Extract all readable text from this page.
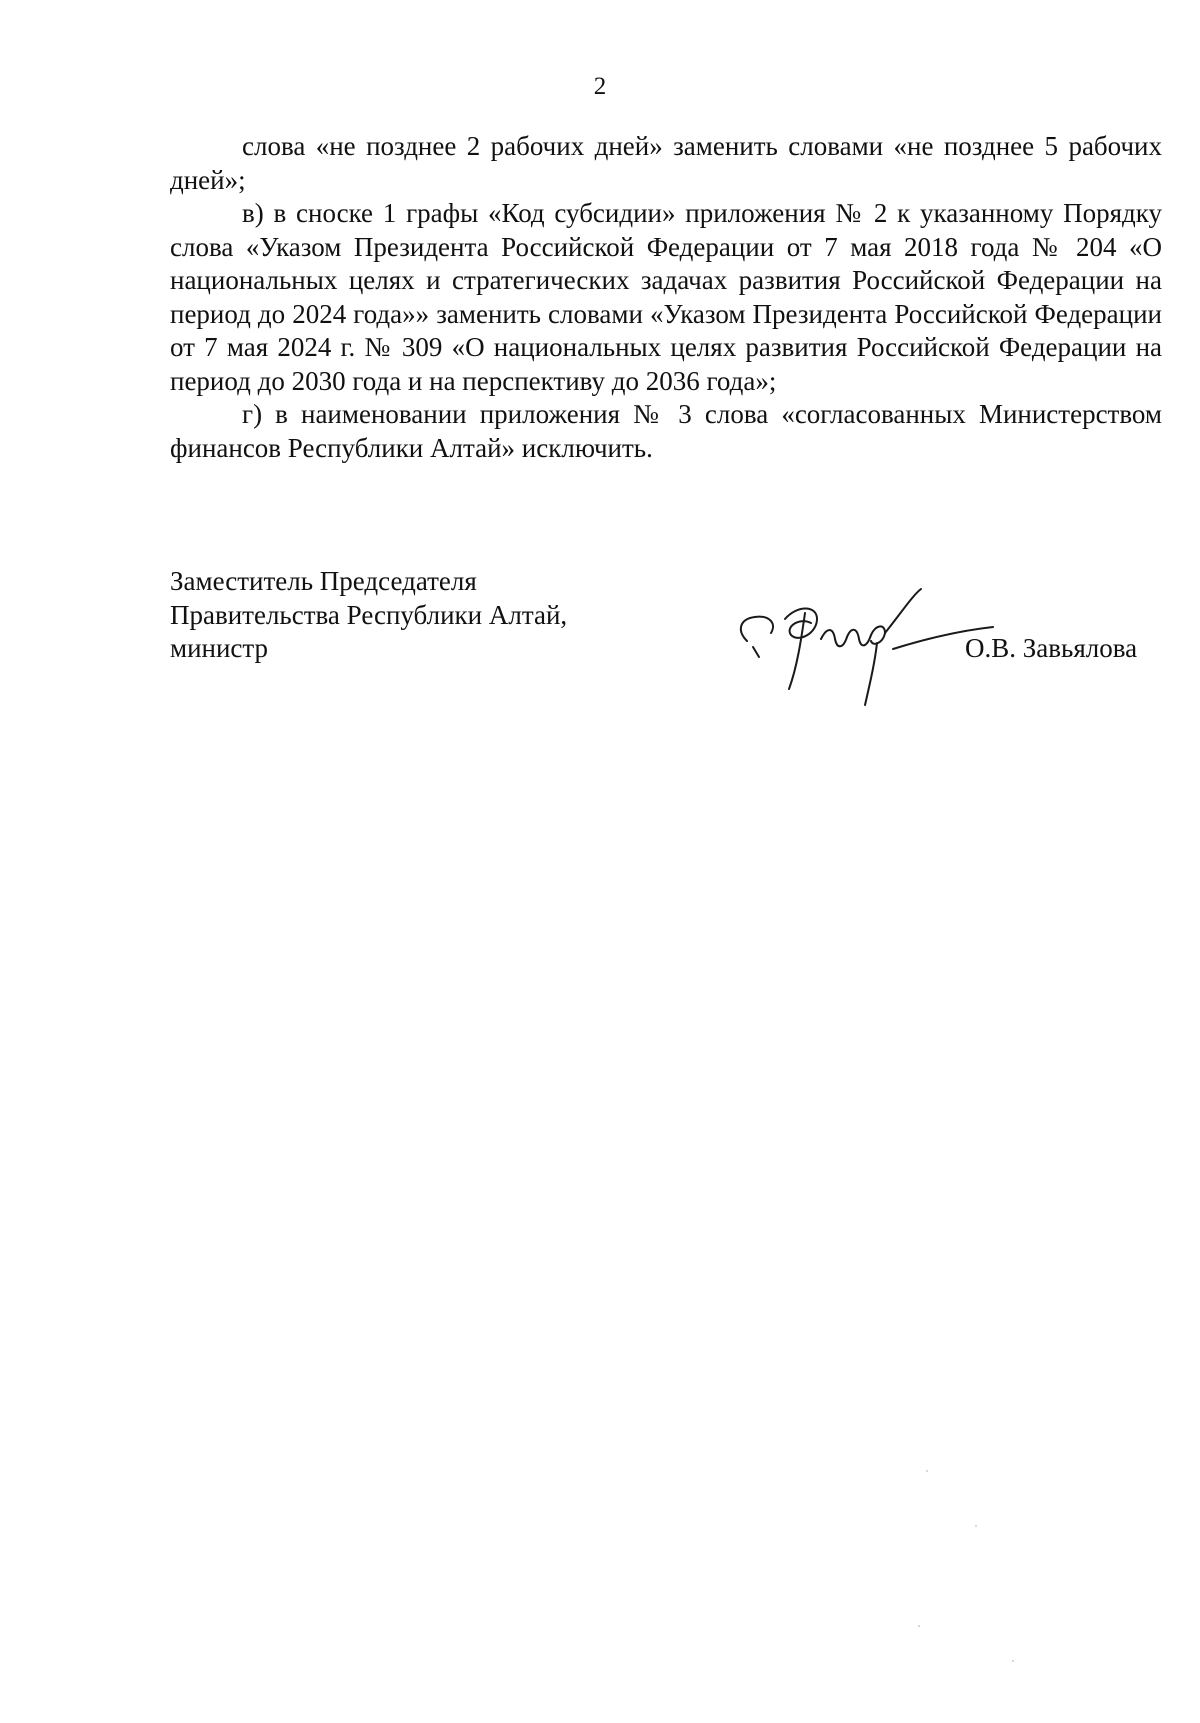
2

слова «не позднее 2 рабочих дней» заменить словами «не позднее 5 рабочих дней»;

в) в сноске 1 графы «Код субсидии» приложения № 2 к указанному Порядку слова «Указом Президента Российской Федерации от 7 мая 2018 года № 204 «О национальных целях и стратегических задачах развития Российской Федерации на период до 2024 года»» заменить словами «Указом Президента Российской Федерации от 7 мая 2024 г. № 309 «О национальных целях развития Российской Федерации на период до 2030 года и на перспективу до 2036 года»;

г) в наименовании приложения № 3 слова «согласованных Министерством финансов Республики Алтай» исключить.

Заместитель Председателя
Правительства Республики Алтай,
министр	О.В. Завьялова
